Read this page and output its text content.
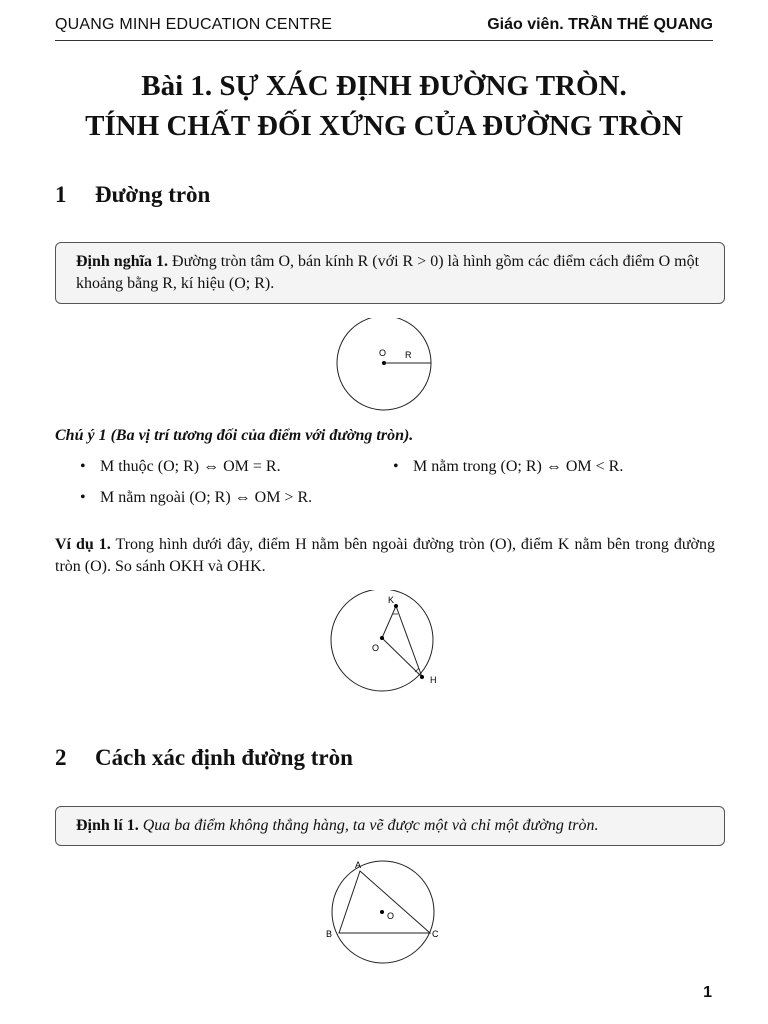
QUANG MINH EDUCATION CENTRE	Giáo viên. TRẦN THẾ QUANG
Bài 1. SỰ XÁC ĐỊNH ĐƯỜNG TRÒN.
TÍNH CHẤT ĐỐI XỨNG CỦA ĐƯỜNG TRÒN
1 Đường tròn
Định nghĩa 1. Đường tròn tâm O, bán kính R (với R > 0) là hình gồm các điểm cách điểm O một khoảng bằng R, kí hiệu (O; R).
O R
Chú ý 1 (Ba vị trí tương đối của điểm với đường tròn).
• M thuộc (O; R) ⇔ OM = R.	• M nằm trong (O; R) ⇔ OM < R.
• M nằm ngoài (O; R) ⇔ OM > R.
Ví dụ 1. Trong hình dưới đây, điểm H nằm bên ngoài đường tròn (O), điểm K nằm bên trong đường tròn (O). So sánh OKH và OHK.
K
O
H
2 Cách xác định đường tròn
Định lí 1. Qua ba điểm không thẳng hàng, ta vẽ được một và chỉ một đường tròn.
A
B	C
O
1
